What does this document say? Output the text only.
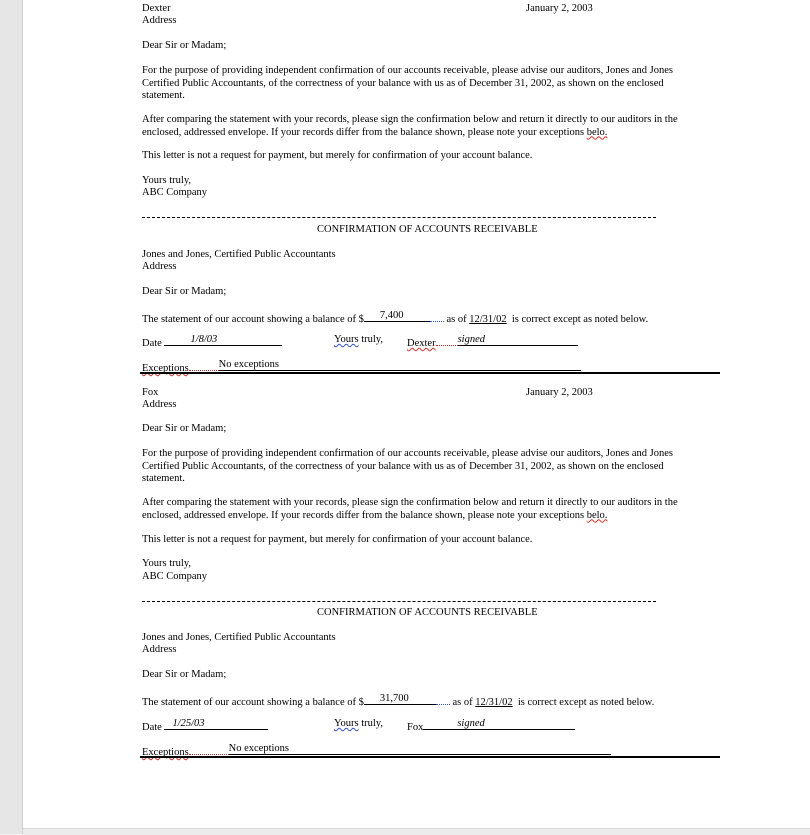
Dexter
Address
January 2, 2003
Dear Sir or Madam;
For the purpose of providing independent confirmation of our accounts receivable, please advise our auditors, Jones and Jones Certified Public Accountants, of the correctness of your balance with us as of December 31, 2002, as shown on the enclosed statement.
After comparing the statement with your records, please sign the confirmation below and return it directly to our auditors in the enclosed, addressed envelope. If your records differ from the balance shown, please note your exceptions belo.
This letter is not a request for payment, but merely for confirmation of your account balance.
Yours truly,
ABC Company
CONFIRMATION OF ACCOUNTS RECEIVABLE
Jones and Jones, Certified Public Accountants
Address
Dear Sir or Madam;
The statement of our account showing a balance of $ 7,400	as of 12/31/02 is correct except as noted below.
Date	1/8/03	Yours truly, Dexter signed
Exceptions	No exceptions
Fox
Address
January 2, 2003
Dear Sir or Madam;
For the purpose of providing independent confirmation of our accounts receivable, please advise our auditors, Jones and Jones Certified Public Accountants, of the correctness of your balance with us as of December 31, 2002, as shown on the enclosed statement.
After comparing the statement with your records, please sign the confirmation below and return it directly to our auditors in the enclosed, addressed envelope. If your records differ from the balance shown, please note your exceptions belo.
This letter is not a request for payment, but merely for confirmation of your account balance.
Yours truly,
ABC Company
CONFIRMATION OF ACCOUNTS RECEIVABLE
Jones and Jones, Certified Public Accountants
Address
Dear Sir or Madam;
The statement of our account showing a balance of $ 31,700	as of 12/31/02 is correct except as noted below.
Date 1/25/03	Yours truly, Fox	signed
Exceptions	No exceptions
